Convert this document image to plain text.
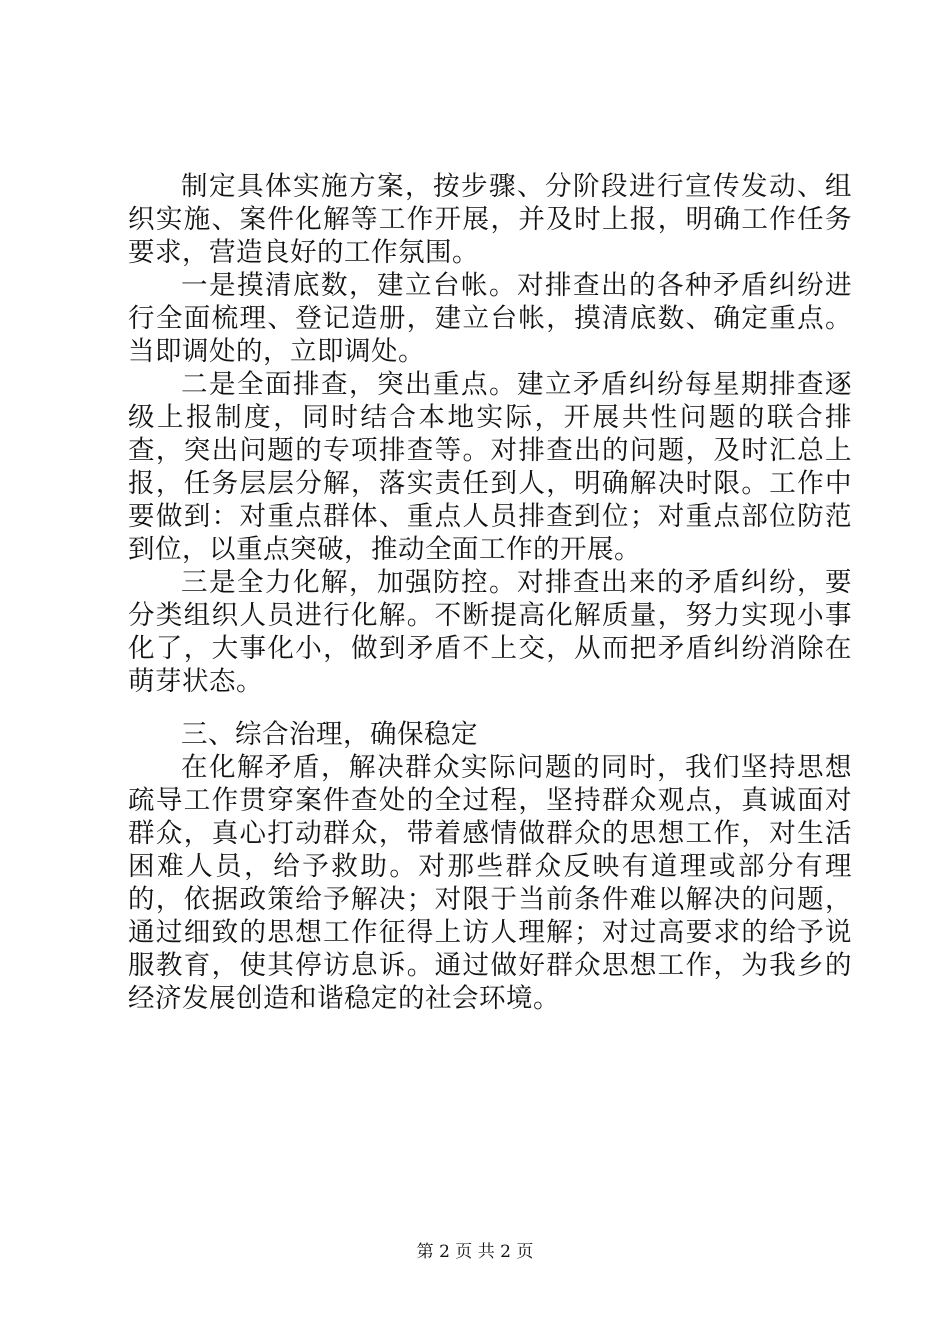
制定具体实施方案，按步骤、分阶段进行宣传发动、组织实施、案件化解等工作开展，并及时上报，明确工作任务要求，营造良好的工作氛围。

一是摸清底数，建立台帐。对排查出的各种矛盾纠纷进行全面梳理、登记造册，建立台帐，摸清底数、确定重点。当即调处的，立即调处。

二是全面排查，突出重点。建立矛盾纠纷每星期排查逐级上报制度，同时结合本地实际，开展共性问题的联合排查，突出问题的专项排查等。对排查出的问题，及时汇总上报，任务层层分解，落实责任到人，明确解决时限。工作中要做到：对重点群体、重点人员排查到位；对重点部位防范到位，以重点突破，推动全面工作的开展。

三是全力化解，加强防控。对排查出来的矛盾纠纷，要分类组织人员进行化解。不断提高化解质量，努力实现小事化了，大事化小，做到矛盾不上交，从而把矛盾纠纷消除在萌芽状态。

三、综合治理，确保稳定

在化解矛盾，解决群众实际问题的同时，我们坚持思想疏导工作贯穿案件查处的全过程，坚持群众观点，真诚面对群众，真心打动群众，带着感情做群众的思想工作，对生活困难人员，给予救助。对那些群众反映有道理或部分有理的，依据政策给予解决；对限于当前条件难以解决的问题，通过细致的思想工作征得上访人理解；对过高要求的给予说服教育，使其停访息诉。通过做好群众思想工作，为我乡的经济发展创造和谐稳定的社会环境。

第 2 页 共 2 页
